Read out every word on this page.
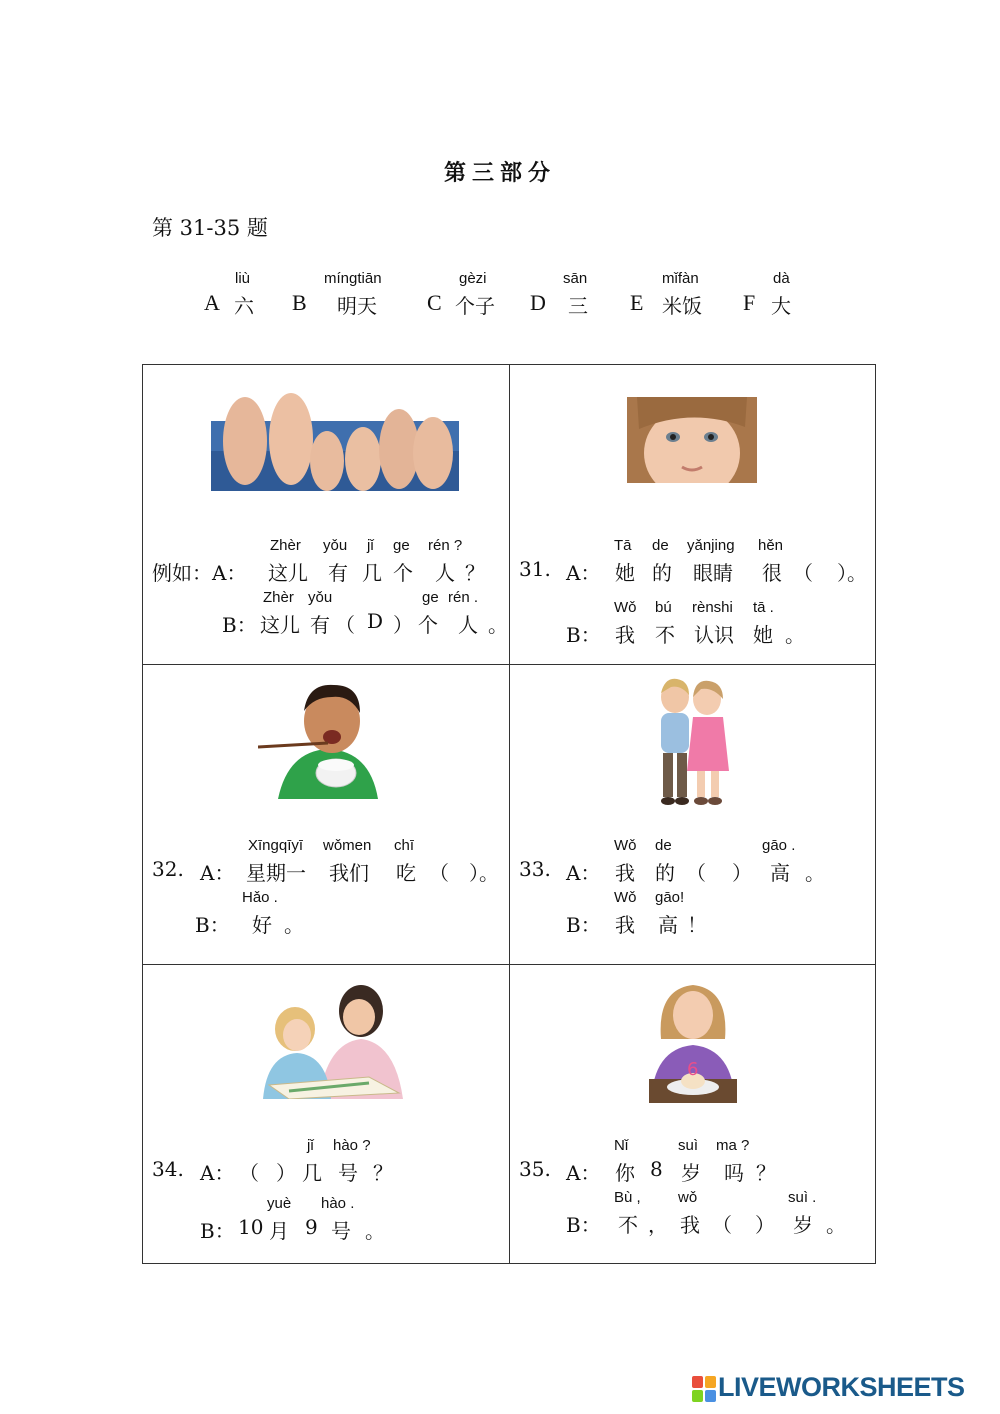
第三部分
第 31-35 题
liù
A 六
míngtiān
B 明天
gèzi
C 个子
sān
D 三
mǐfàn
E 米饭
dà
F 大
Zhèr yǒu jǐ ge rén ?
例如：A： 这儿 有 几 个 人 ？
Zhèr yǒu	ge rén .
B： 这儿 有 （ D ） 个 人 。
Tā de yǎnjing hěn
31. A： 她 的 眼睛 很 （ ）。
Wǒ bú rènshi tā .
B： 我 不 认识 她 。
Xīngqīyī wǒmen chī
32. A： 星期一 我们 吃 （ ）。
Hǎo .
B： 好 。
Wǒ de	gāo .
33. A： 我 的 （ ） 高 。
Wǒ gāo!
B： 我 高 ！
jǐ hào ?
34. A： （ ） 几 号 ？
yuè hào .
B： 10 月 9 号 。
6
Nǐ	suì ma ?
35. A： 你 8 岁 吗 ？
Bù , wǒ	suì .
B： 不 ， 我 （ ） 岁 。
LIVEWORKSHEETS
